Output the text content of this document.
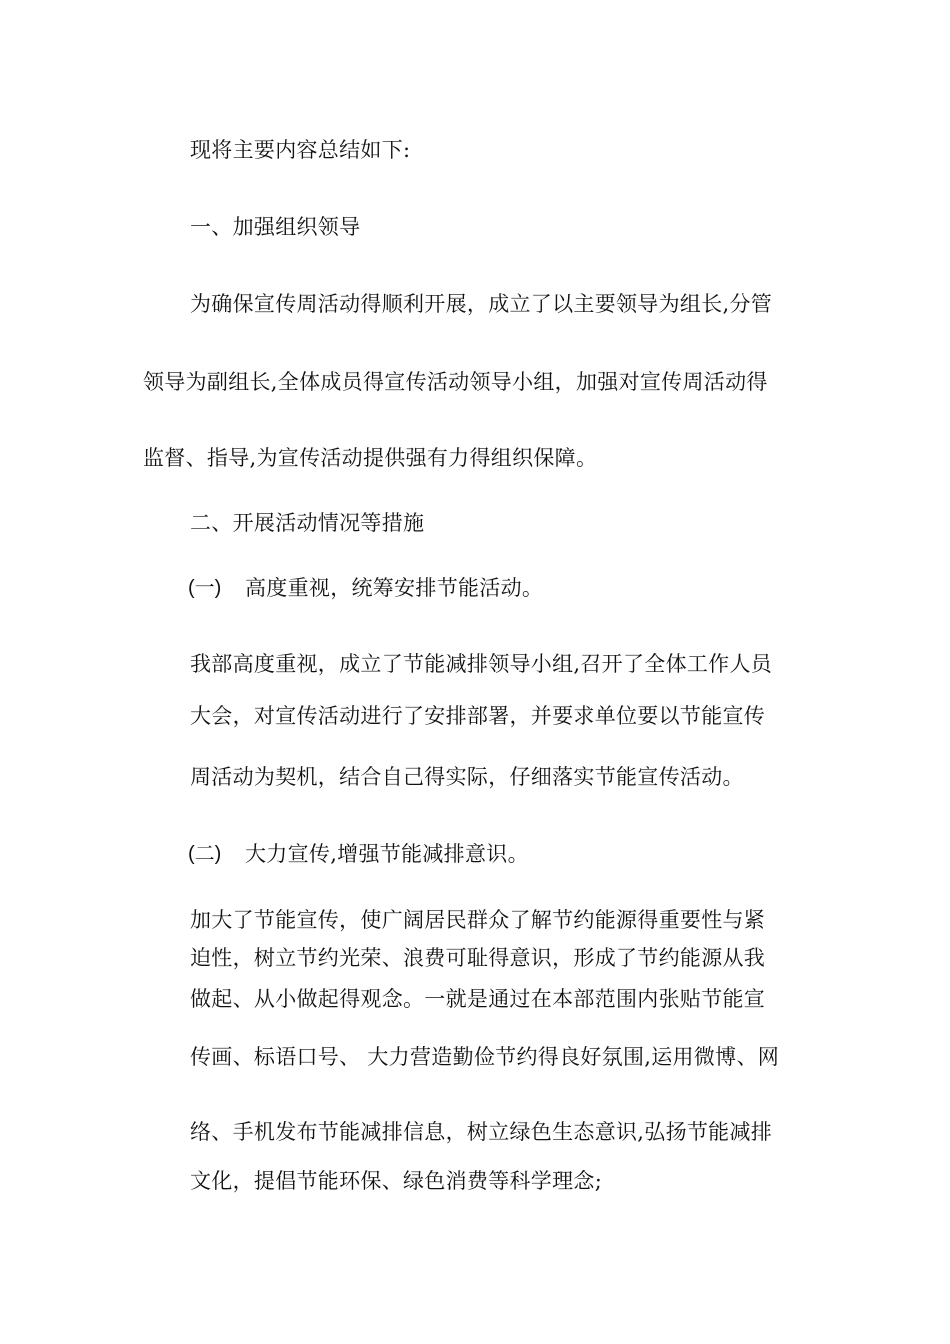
现将主要内容总结如下:
一、加强组织领导
为确保宣传周活动得顺利开展，成立了以主要领导为组长,分管
领导为副组长,全体成员得宣传活动领导小组，加强对宣传周活动得
监督、指导,为宣传活动提供强有力得组织保障。
二、开展活动情况等措施
(一) 高度重视，统筹安排节能活动。
我部高度重视，成立了节能减排领导小组,召开了全体工作人员
大会，对宣传活动进行了安排部署，并要求单位要以节能宣传
周活动为契机，结合自己得实际，仔细落实节能宣传活动。
(二) 大力宣传,增强节能减排意识。
加大了节能宣传，使广阔居民群众了解节约能源得重要性与紧
迫性，树立节约光荣、浪费可耻得意识，形成了节约能源从我
做起、从小做起得观念。一就是通过在本部范围内张贴节能宣
传画、标语口号、 大力营造勤俭节约得良好氛围,运用微博、网
络、手机发布节能减排信息，树立绿色生态意识,弘扬节能减排
文化，提倡节能环保、绿色消费等科学理念;
